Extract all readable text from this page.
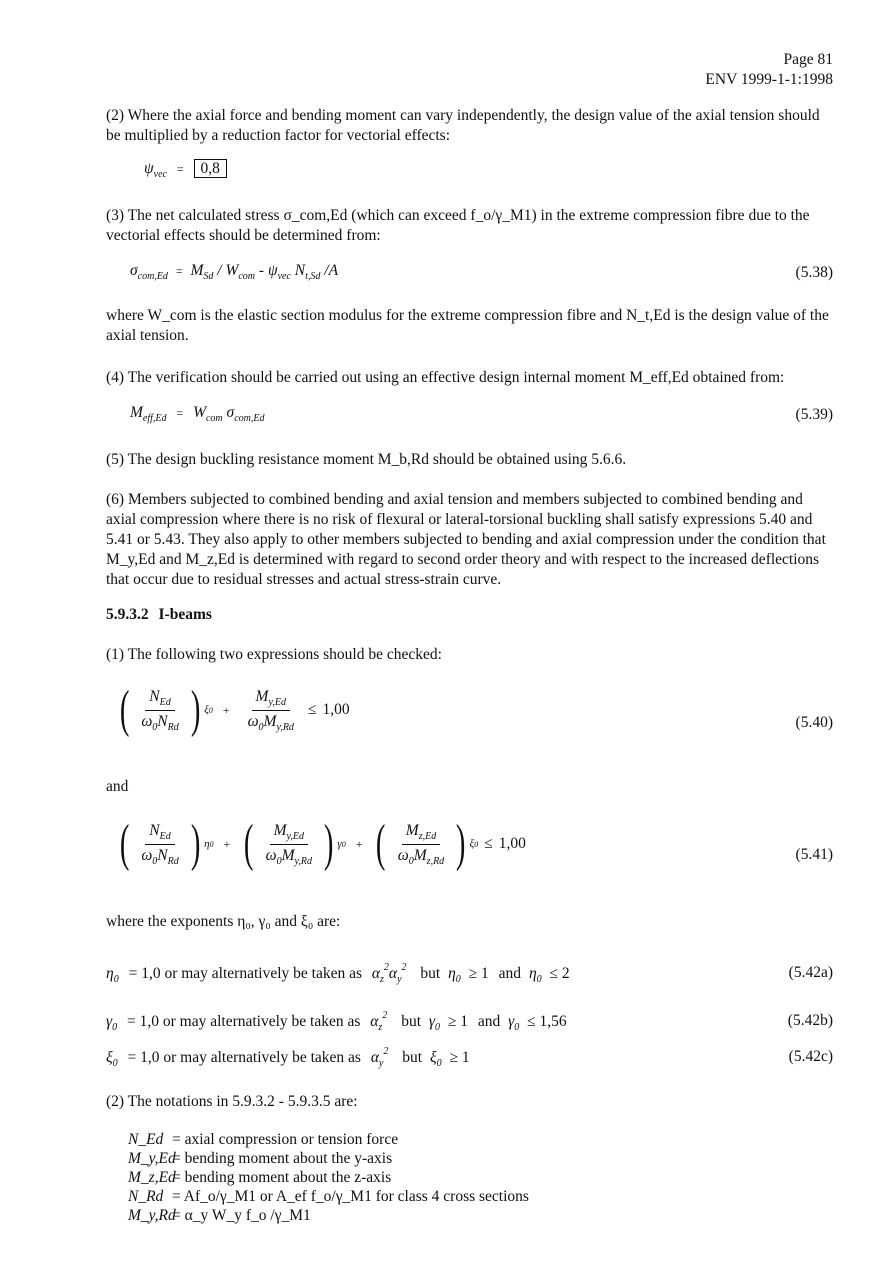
Page 81
ENV 1999-1-1:1998
(2) Where the axial force and bending moment can vary independently, the design value of the axial tension should be multiplied by a reduction factor for vectorial effects:
$\psi_{vec} = 0,8$
(3) The net calculated stress σ_com,Ed (which can exceed f_o/γ_M1) in the extreme compression fibre due to the vectorial effects should be determined from:
$\sigma_{com,Ed} = M_{Sd} / W_{com} - \psi_{vec}$ $N_{t,Sd}$ /A	(5.38)
where W_com is the elastic section modulus for the extreme compression fibre and N_t,Ed is the design value of the axial tension.
(4) The verification should be carried out using an effective design internal moment M_eff,Ed obtained from:
$M_{eff,Ed} = W_{com}$ $\sigma_{com,Ed}$	(5.39)
(5) The design buckling resistance moment M_b,Rd should be obtained using 5.6.6.
(6) Members subjected to combined bending and axial tension and members subjected to combined bending and axial compression where there is no risk of flexural or lateral-torsional buckling shall satisfy expressions 5.40 and 5.41 or 5.43. They also apply to other members subjected to bending and axial compression under the condition that M_y,Ed and M_z,Ed is determined with regard to second order theory and with respect to the increased deflections that occur due to residual stresses and actual stress-strain curve.
5.9.3.2 I-beams
(1) The following two expressions should be checked:
( $\frac{N_{Ed}}{\omega_0N_{Rd}}$ ) $\xi 0 + \frac{M_{y,Ed}}{\omega_0M_{y,Rd}} \le 1,00$
(5.40)
and
( $\frac{N_{Ed}}{\omega_0N_{Rd}}$ ) η0 + ( $\frac{M_{y,Ed}}{\omega_0M_{y,Rd}}$ ) γ0 + ( $\frac{M_{z,Ed}}{\omega_0M_{z,Rd}}$ ) ξ0 ≤ 1,00
(5.41)
where the exponents η₀, γ₀ and ξ₀ are:
$\eta_0 = 1,0$ or may alternatively be taken as $\alpha_z^2\alpha_y^2$ but $\eta_0 \ge 1$ and $\eta_0 \le 2$	(5.42a)
$\gamma_0 = 1,0$ or may alternatively be taken as $\alpha_z^2$ but $\gamma_0 \ge 1$ and $\gamma_0 \le 1,56$	(5.42b)
$\xi_0 = 1,0$ or may alternatively be taken as $\alpha_y^2$ but $\xi_0 \ge 1$	(5.42c)
(2) The notations in 5.9.3.2 - 5.9.3.5 are:
N_Ed = axial compression or tension force
M_y,Ed= bending moment about the y-axis
M_z,Ed= bending moment about the z-axis
N_Rd = Af_o/γ_M1 or A_ef f_o/γ_M1 for class 4 cross sections
M_y,Rd= α_y W_y f_o /γ_M1
